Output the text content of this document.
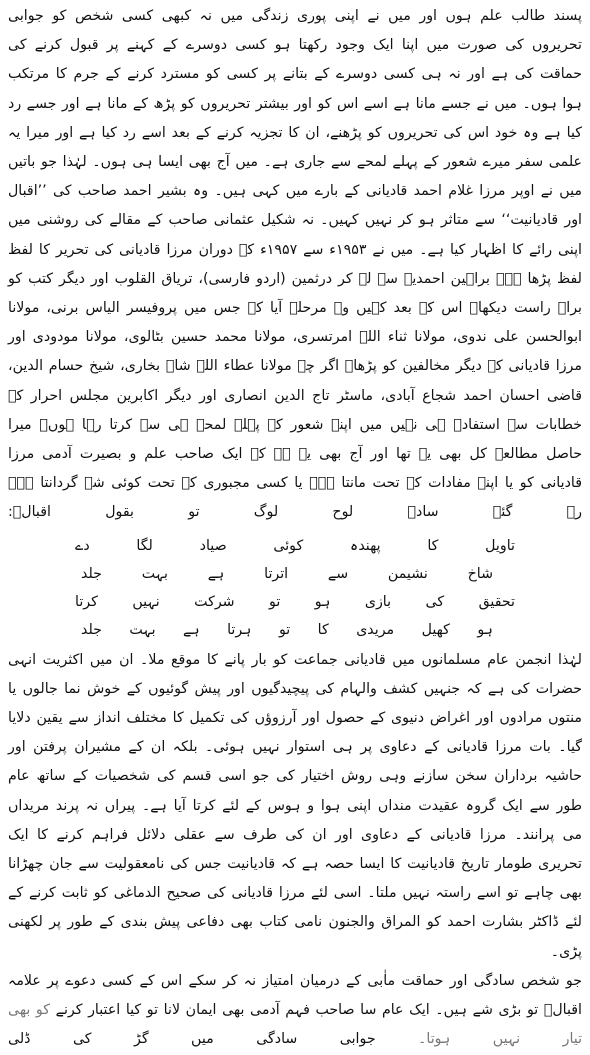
پسند طالب علم ہوں اور میں نے اپنی پوری زندگی میں نہ کبھی کسی شخص کو جوابی تحریروں کی صورت میں اپنا ایک وجود رکھتا ہو کسی دوسرے کے کہنے پر قبول کرنے کی حماقت کی ہے اور نہ ہی کسی دوسرے کے بتانے پر کسی کو مسترد کرنے کے جرم کا مرتکب ہوا ہوں۔ میں نے جسے مانا ہے اسے اس کو اور بیشتر تحریروں کو پڑھ کے مانا ہے اور جسے رد کیا ہے وہ خود اس کی تحریروں کو پڑھنے، ان کا تجزیہ کرنے کے بعد اسے رد کیا ہے اور میرا یہ علمی سفر میرے شعور کے پہلے لمحے سے جاری ہے۔ میں آج بھی ایسا ہی ہوں۔ لہٰذا جو باتیں میں نے اوپر مرزا غلام احمد قادیانی کے بارے میں کہی ہیں۔ وہ بشیر احمد صاحب کی ’’اقبال اور قادیانیت‘‘ سے متاثر ہو کر نہیں کہیں۔ نہ شکیل عثمانی صاحب کے مقالے کی روشنی میں اپنی رائے کا اظہار کیا ہے۔ میں نے ۱۹۵۳ء سے ۱۹۵۷ء کے دوران مرزا قادیانی کی تحریر کا لفظ لفظ پڑھا ہے۔ براہین احمدیہ سے لے کر درثمین (اردو فارسی)، تریاق القلوب اور دیگر کتب کو براہ راست دیکھا۔ اس کے بعد کہیں وہ مرحلہ آیا کہ جس میں پروفیسر الیاس برنی، مولانا ابوالحسن علی ندوی، مولانا ثناء اللہ امرتسری، مولانا محمد حسین بٹالوی، مولانا مودودی اور مرزا قادیانی کے دیگر مخالفین کو پڑھا۔ اگر چہ مولانا عطاء اللہ شاہ بخاری، شیخ حسام الدین، قاضی احسان احمد شجاع آبادی، ماسٹر تاج الدین انصاری اور دیگر اکابرین مجلس احرار کے خطابات سے استفادہ ہی نہیں میں اپنے شعور کے پہلے لمحے ہی سے کرتا رہا ہوں۔ میرا حاصل مطالعہ کل بھی یہ تھا اور آج بھی یہ ہے کہ ایک صاحب علم و بصیرت آدمی مرزا قادیانی کو یا اپنے مفادات کے تحت مانتا ہے۔ یا کسی مجبوری کے تحت کوئی شے گردانتا ہے۔ رہ گئے سادہ لوح لوگ تو بقول اقبالؒ:

تاویل کا پھندہ کوئی صیاد لگا دے
شاخ نشیمن سے اترتا ہے بہت جلد
تحقیق کی بازی ہو تو شرکت نہیں کرتا
ہو کھیل مریدی کا تو ہرتا ہے بہت جلد

لہٰذا انجمن عام مسلمانوں میں قادیانی جماعت کو بار پانے کا موقع ملا۔ ان میں اکثریت انہی حضرات کی ہے کہ جنہیں کشف والہام کی پیچیدگیوں اور پیش گوئیوں کے خوش نما جالوں یا منتوں مرادوں اور اغراض دنیوی کے حصول اور آرزوؤں کی تکمیل کا مختلف انداز سے یقین دلایا گیا۔ بات مرزا قادیانی کے دعاوی پر ہی استوار نہیں ہوئی۔ بلکہ ان کے مشیران پرفتن اور حاشیہ برداران سخن سازنے وہی روش اختیار کی جو اسی قسم کی شخصیات کے ساتھ عام طور سے ایک گروہ عقیدت منداں اپنی ہوا و ہوس کے لئے کرتا آیا ہے۔ پیراں نہ پرند مریداں می پرانند۔ مرزا قادیانی کے دعاوی اور ان کی طرف سے عقلی دلائل فراہم کرنے کا ایک تحریری طومار تاریخ قادیانیت کا ایسا حصہ ہے کہ قادیانیت جس کی نامعقولیت سے جان چھڑانا بھی چاہے تو اسے راستہ نہیں ملتا۔ اسی لئے مرزا قادیانی کی صحیح الدماغی کو ثابت کرنے کے لئے ڈاکٹر بشارت احمد کو المراق والجنون نامی کتاب بھی دفاعی پیش بندی کے طور پر لکھنی پڑی۔

جو شخص سادگی اور حماقت ماٰبی کے درمیان امتیاز نہ کر سکے اس کے کسی دعوے پر علامہ اقبالؒ تو بڑی شے ہیں۔ ایک عام سا صاحب فہم آدمی بھی ایمان لانا تو کیا اعتبار کرنے کو بھی تیار نہیں ہوتا۔ جوابی سادگی میں گڑ کی ڈلی
